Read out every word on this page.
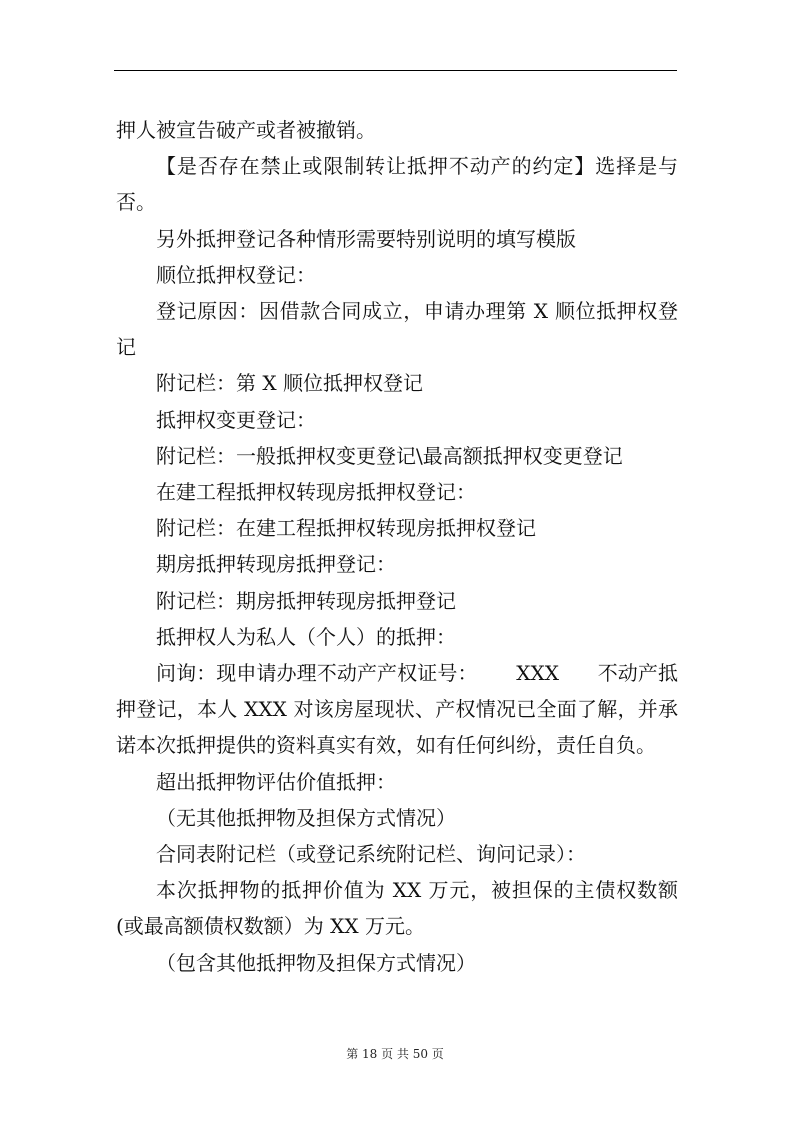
押人被宣告破产或者被撤销。

【是否存在禁止或限制转让抵押不动产的约定】选择是与否。

另外抵押登记各种情形需要特别说明的填写模版

顺位抵押权登记：

登记原因：因借款合同成立，申请办理第 X 顺位抵押权登记

附记栏：第 X 顺位抵押权登记

抵押权变更登记：

附记栏：一般抵押权变更登记\最高额抵押权变更登记

在建工程抵押权转现房抵押权登记：

附记栏：在建工程抵押权转现房抵押权登记

期房抵押转现房抵押登记：

附记栏：期房抵押转现房抵押登记

抵押权人为私人（个人）的抵押：

问询：现申请办理不动产产权证号：      XXX      不动产抵押登记，本人 XXX 对该房屋现状、产权情况已全面了解，并承诺本次抵押提供的资料真实有效，如有任何纠纷，责任自负。

超出抵押物评估价值抵押：

（无其他抵押物及担保方式情况）

合同表附记栏（或登记系统附记栏、询问记录）：

本次抵押物的抵押价值为 XX 万元，被担保的主债权数额(或最高额债权数额）为 XX 万元。

（包含其他抵押物及担保方式情况）

第 18 页 共 50 页
